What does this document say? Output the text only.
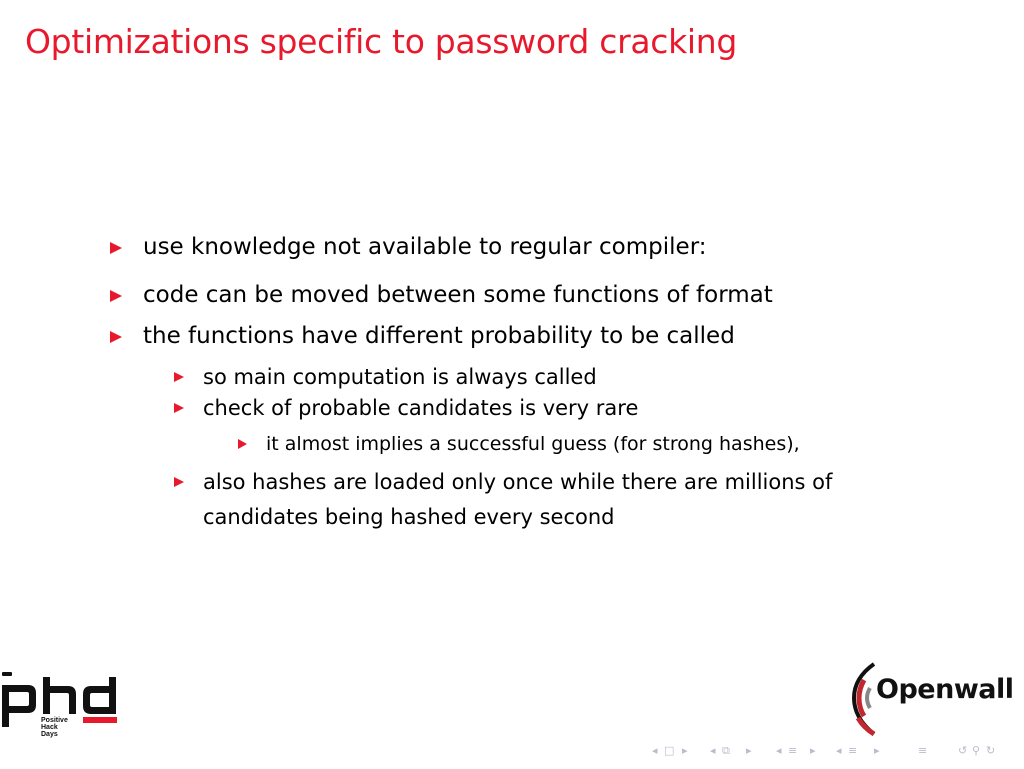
Optimizations specific to password cracking
use knowledge not available to regular compiler:
code can be moved between some functions of format
the functions have different probability to be called
so main computation is always called
check of probable candidates is very rare
it almost implies a successful guess (for strong hashes),
also hashes are loaded only once while there are millions of
candidates being hashed every second
Positive
Hack
Days
Openwall
◂ □ ▸ ◂ ⧉ ▸ ◂ ≡ ▸ ◂ ≡ ▸	≡	↺ ⚲ ↻
